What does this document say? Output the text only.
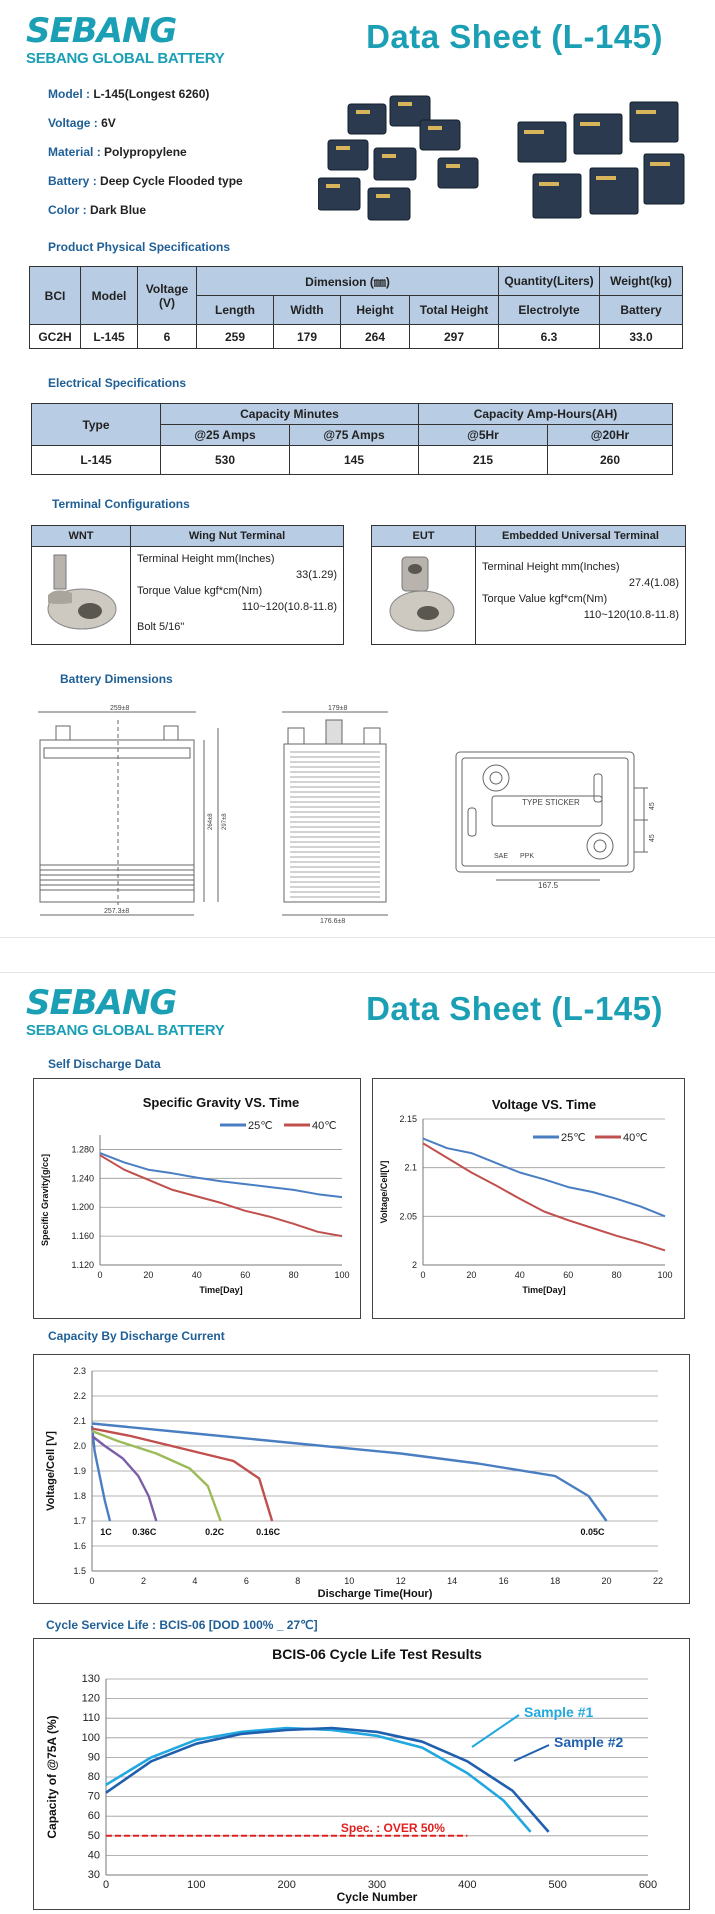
SEBANG
SEBANG GLOBAL BATTERY
Data Sheet (L-145)
Model : L-145(Longest 6260)
Voltage : 6V
Material : Polypropylene
Battery : Deep Cycle Flooded type
Color : Dark Blue
Product Physical Specifications
BCI	Model	Voltage (V)	Dimension (㎜)				Quantity(Liters)	Weight(kg)
			Length	Width	Height	Total Height	Electrolyte	Battery
GC2H	L-145	6	259	179	264	297	6.3	33.0
Electrical Specifications
Type	Capacity Minutes		Capacity Amp-Hours(AH)	
	@25 Amps	@75 Amps	@5Hr	@20Hr
L-145	530	145	215	260
Terminal Configurations
WNT	Wing Nut Terminal
Terminal Height mm(Inches)
33(1.29)
Torque Value kgf*cm(Nm)
110~120(10.8-11.8)
Bolt 5/16"
EUT	Embedded Universal Terminal
Terminal Height mm(Inches)
27.4(1.08)
Torque Value kgf*cm(Nm)
110~120(10.8-11.8)
Battery Dimensions
259±8
257.3±8
264±8 297±8
179±8
176.6±8
TYPE STICKER
SAE PPK
167.5
45
45
SEBANG
SEBANG GLOBAL BATTERY
Data Sheet (L-145)
Self Discharge Data
Specific Gravity VS. Time
1.120
1.160
1.200
1.240
1.280
0	20	40	60	80	100
Time[Day]
Specific Gravity[g/cc]
25℃	40℃
Voltage VS. Time
2
2.05
2.1
2.15
0	20	40	60	80	100
Time[Day]
Voltage/Cell[V]
25℃	40℃
Capacity By Discharge Current
1.5
1.6
1.7
1.8
1.9
2.0
2.1
2.2
2.3
0	2	4	6	8	10	12	14	16	18	20	22
Discharge Time(Hour)
Voltage/Cell [V]
1C 0.36C	0.2C	0.16C	0.05C
Cycle Service Life : BCIS-06 [DOD 100% _ 27℃]
BCIS-06 Cycle Life Test Results
30
40
50
60
70
80
90
100
110
120
130
0	100	200	300	400	500	600
Cycle Number
Capacity of @75A (%)	Spec. : OVER 50%
Sample #1
Sample #2
